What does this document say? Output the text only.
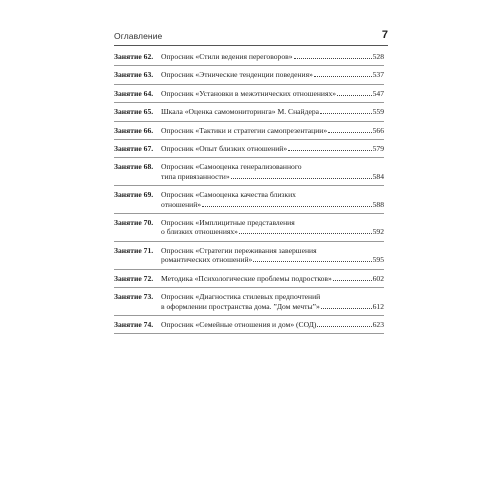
Оглавление	7
Занятие 62. Опросник «Стили ведения переговоров»	528
Занятие 63. Опросник «Этнические тенденции поведения»	537
Занятие 64. Опросник «Установки в межэтнических отношениях»	547
Занятие 65. Шкала «Оценка самомониторинга» М. Снайдера	559
Занятие 66. Опросник «Тактики и стратегии самопрезентации»	566
Занятие 67. Опросник «Опыт близких отношений»	579
Занятие 68. Опросник «Самооценка генерализованного
типа привязанности»	584
Занятие 69. Опросник «Самооценка качества близких
отношений»	588
Занятие 70. Опросник «Имплицитные представления
о близких отношениях»	592
Занятие 71. Опросник «Стратегии переживания завершения
романтических отношений»	595
Занятие 72. Методика «Психологические проблемы подростков»	602
Занятие 73. Опросник «Диагностика стилевых предпочтений
в оформлении пространства дома. ”Дом мечты”»	612
Занятие 74. Опросник «Семейные отношения и дом» (СОД)	623
